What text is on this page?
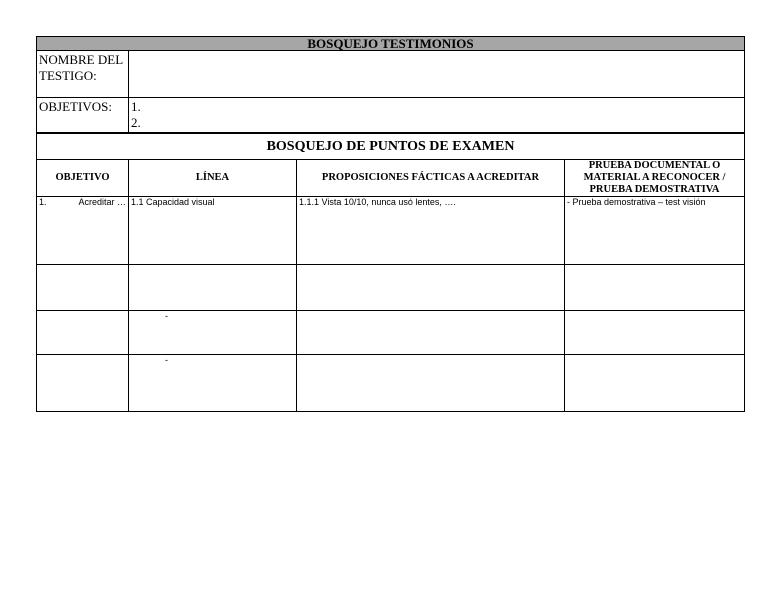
BOSQUEJO TESTIMONIOS	
NOMBRE DEL TESTIGO:	
OBJETIVOS:	1.
2.
BOSQUEJO DE PUNTOS DE EXAMEN			
OBJETIVO	LÍNEA	PROPOSICIONES FÁCTICAS A ACREDITAR	PRUEBA DOCUMENTAL O MATERIAL A RECONOCER / PRUEBA DEMOSTRATIVA

1. Acreditar …	1.1 Capacidad visual	1.1.1 Vista 10/10, nunca usó lentes, ….	- Prueba demostrativa – test visión

	-		

	-		
